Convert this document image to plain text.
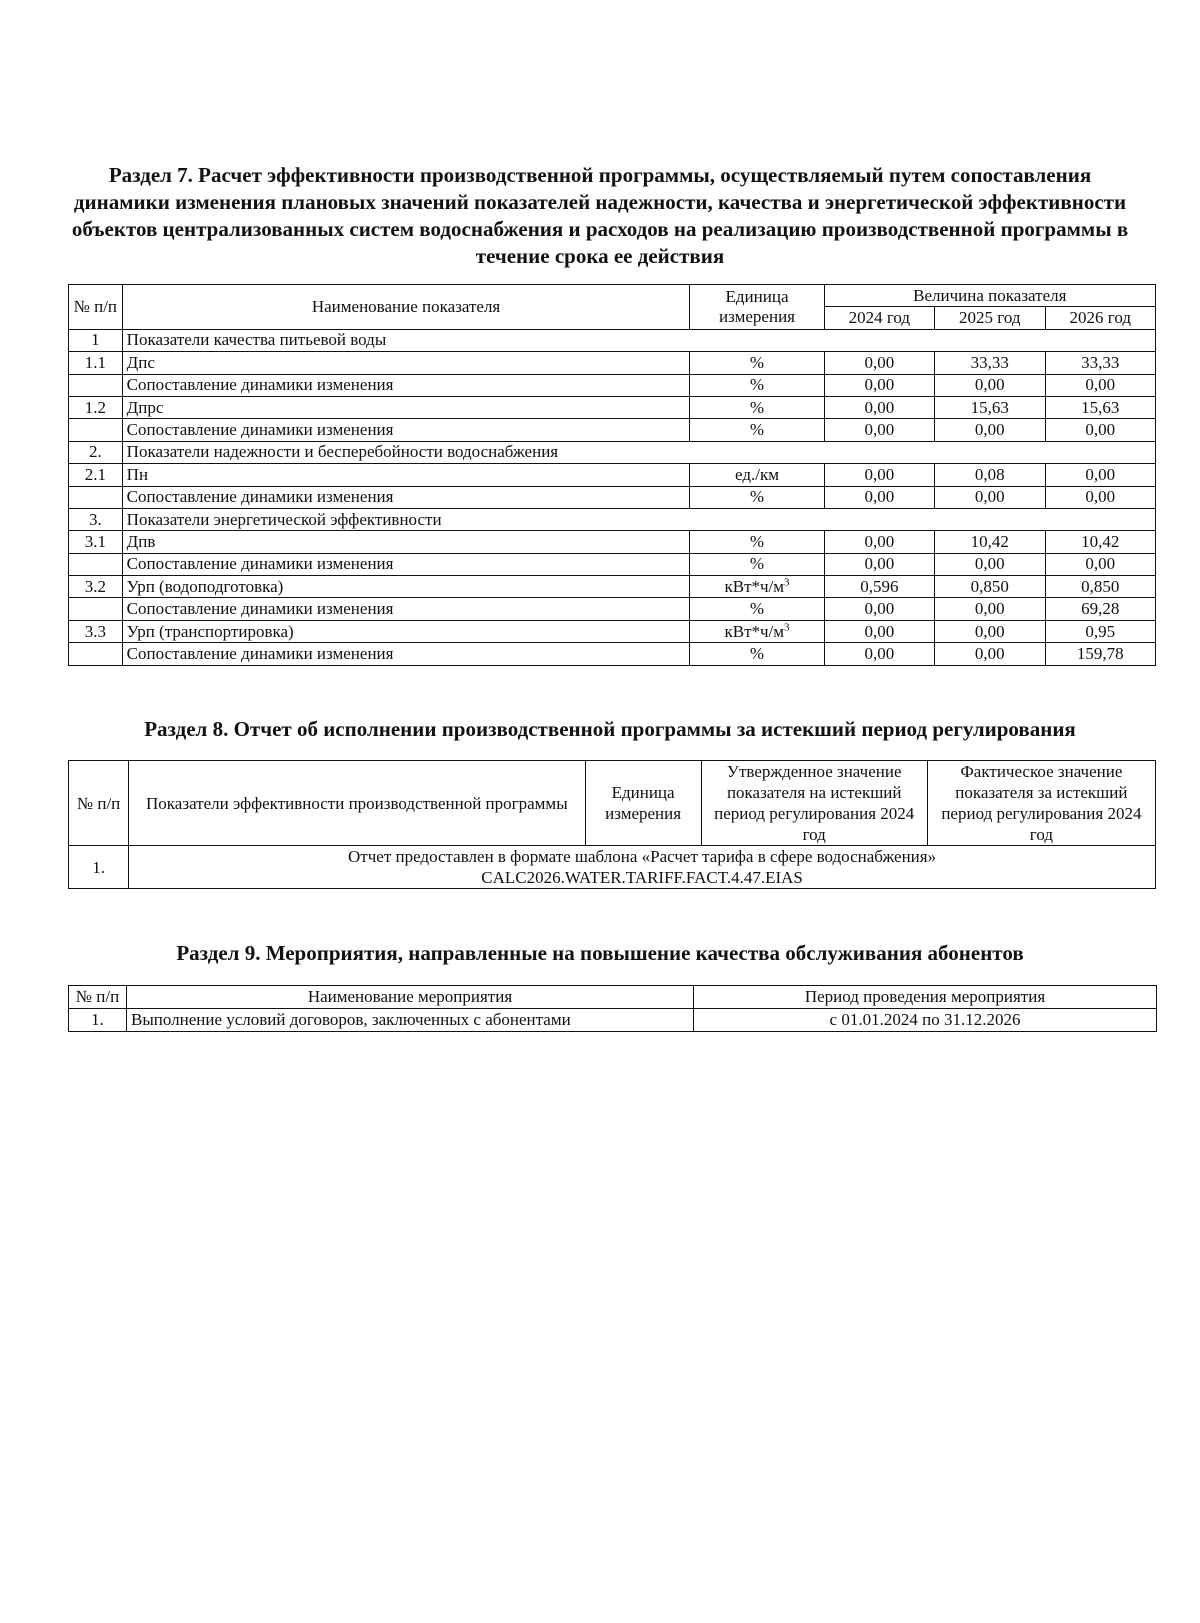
Раздел 7. Расчет эффективности производственной программы, осуществляемый путем сопоставления динамики изменения плановых значений показателей надежности, качества и энергетической эффективности объектов централизованных систем водоснабжения и расходов на реализацию производственной программы в течение срока ее действия
№ п/п	Наименование показателя	Единица измерения	Величина показателя		
			2024 год	2025 год	2026 год
1	Показатели качества питьевой воды				
1.1	Дпс	%	0,00	33,33	33,33
	Сопоставление динамики изменения	%	0,00	0,00	0,00
1.2	Дпрс	%	0,00	15,63	15,63
	Сопоставление динамики изменения	%	0,00	0,00	0,00
2.	Показатели надежности и бесперебойности водоснабжения				
2.1	Пн	ед./км	0,00	0,08	0,00
	Сопоставление динамики изменения	%	0,00	0,00	0,00
3.	Показатели энергетической эффективности				
3.1	Дпв	%	0,00	10,42	10,42
	Сопоставление динамики изменения	%	0,00	0,00	0,00
3.2	Урп (водоподготовка)	$кВт*ч/м^3$	0,596	0,850	0,850
	Сопоставление динамики изменения	%	0,00	0,00	69,28
3.3	Урп (транспортировка)	$кВт*ч/м^3$	0,00	0,00	0,95
	Сопоставление динамики изменения	%	0,00	0,00	159,78
Раздел 8. Отчет об исполнении производственной программы за истекший период регулирования
№ п/п	Показатели эффективности производственной программы	Единица измерения	Утвержденное значение показателя на истекший период регулирования 2024 год	Фактическое значение показателя за истекший период регулирования 2024 год
1.	Отчет предоставлен в формате шаблона «Расчет тарифа в сфере водоснабжения»
CALC2026.WATER.TARIFF.FACT.4.47.EIAS			
Раздел 9. Мероприятия, направленные на повышение качества обслуживания абонентов
№ п/п	Наименование мероприятия	Период проведения мероприятия
1.	Выполнение условий договоров, заключенных с абонентами	с 01.01.2024 по 31.12.2026
